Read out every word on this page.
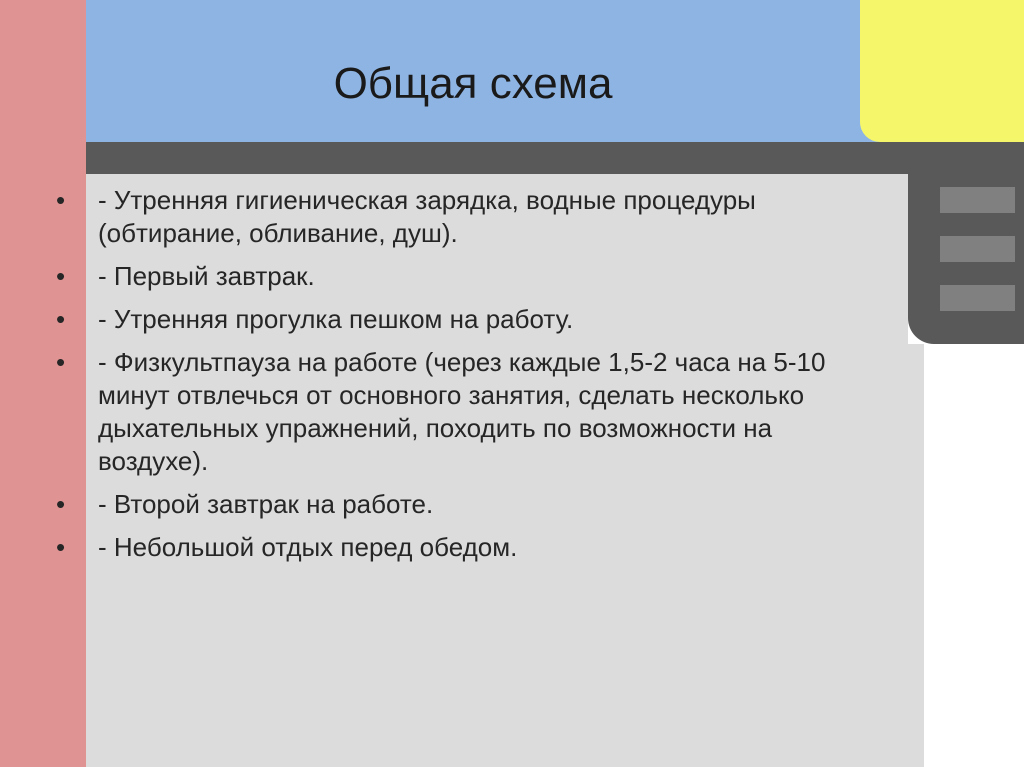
Общая схема
• - Утренняя гигиеническая зарядка, водные процедуры (обтирание, обливание, душ).
• - Первый завтрак.
• - Утренняя прогулка пешком на работу.
• - Физкультпауза на работе (через каждые 1,5-2 часа на 5-10 минут отвлечься от основного занятия, сделать несколько дыхательных упражнений, походить по возможности на воздухе).
• - Второй завтрак на работе.
• - Небольшой отдых перед обедом.
